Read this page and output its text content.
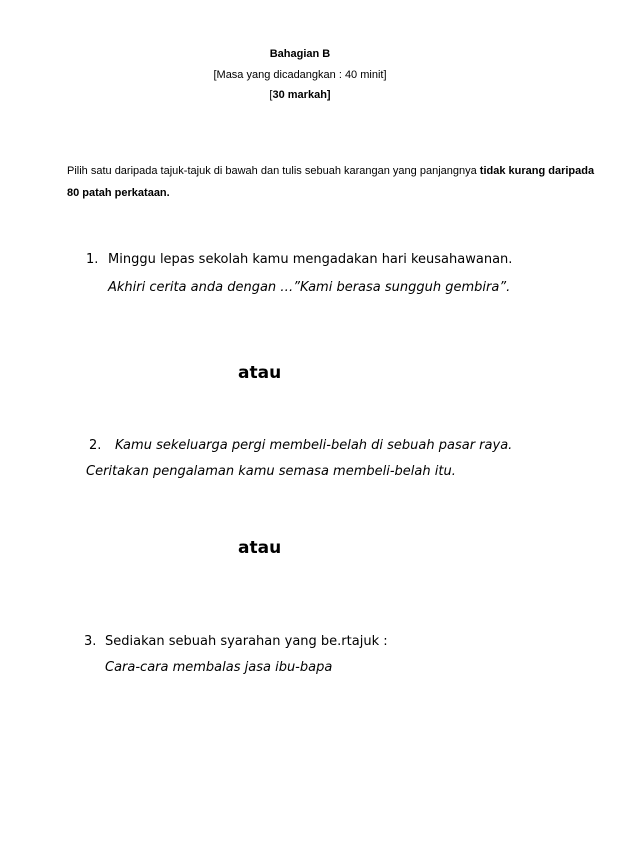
Bahagian B
[Masa yang dicadangkan : 40 minit]
[30 markah]
Pilih satu daripada tajuk-tajuk di bawah dan tulis sebuah karangan yang panjangnya tidak kurang daripada 80 patah perkataan.
1. Minggu lepas sekolah kamu mengadakan hari keusahawanan.
Akhiri cerita anda dengan …”Kami berasa sungguh gembira”.
atau
2. Kamu sekeluarga pergi membeli-belah di sebuah pasar raya.
Ceritakan pengalaman kamu semasa membeli-belah itu.
atau
3. Sediakan sebuah syarahan yang be.rtajuk :
Cara-cara membalas jasa ibu-bapa
